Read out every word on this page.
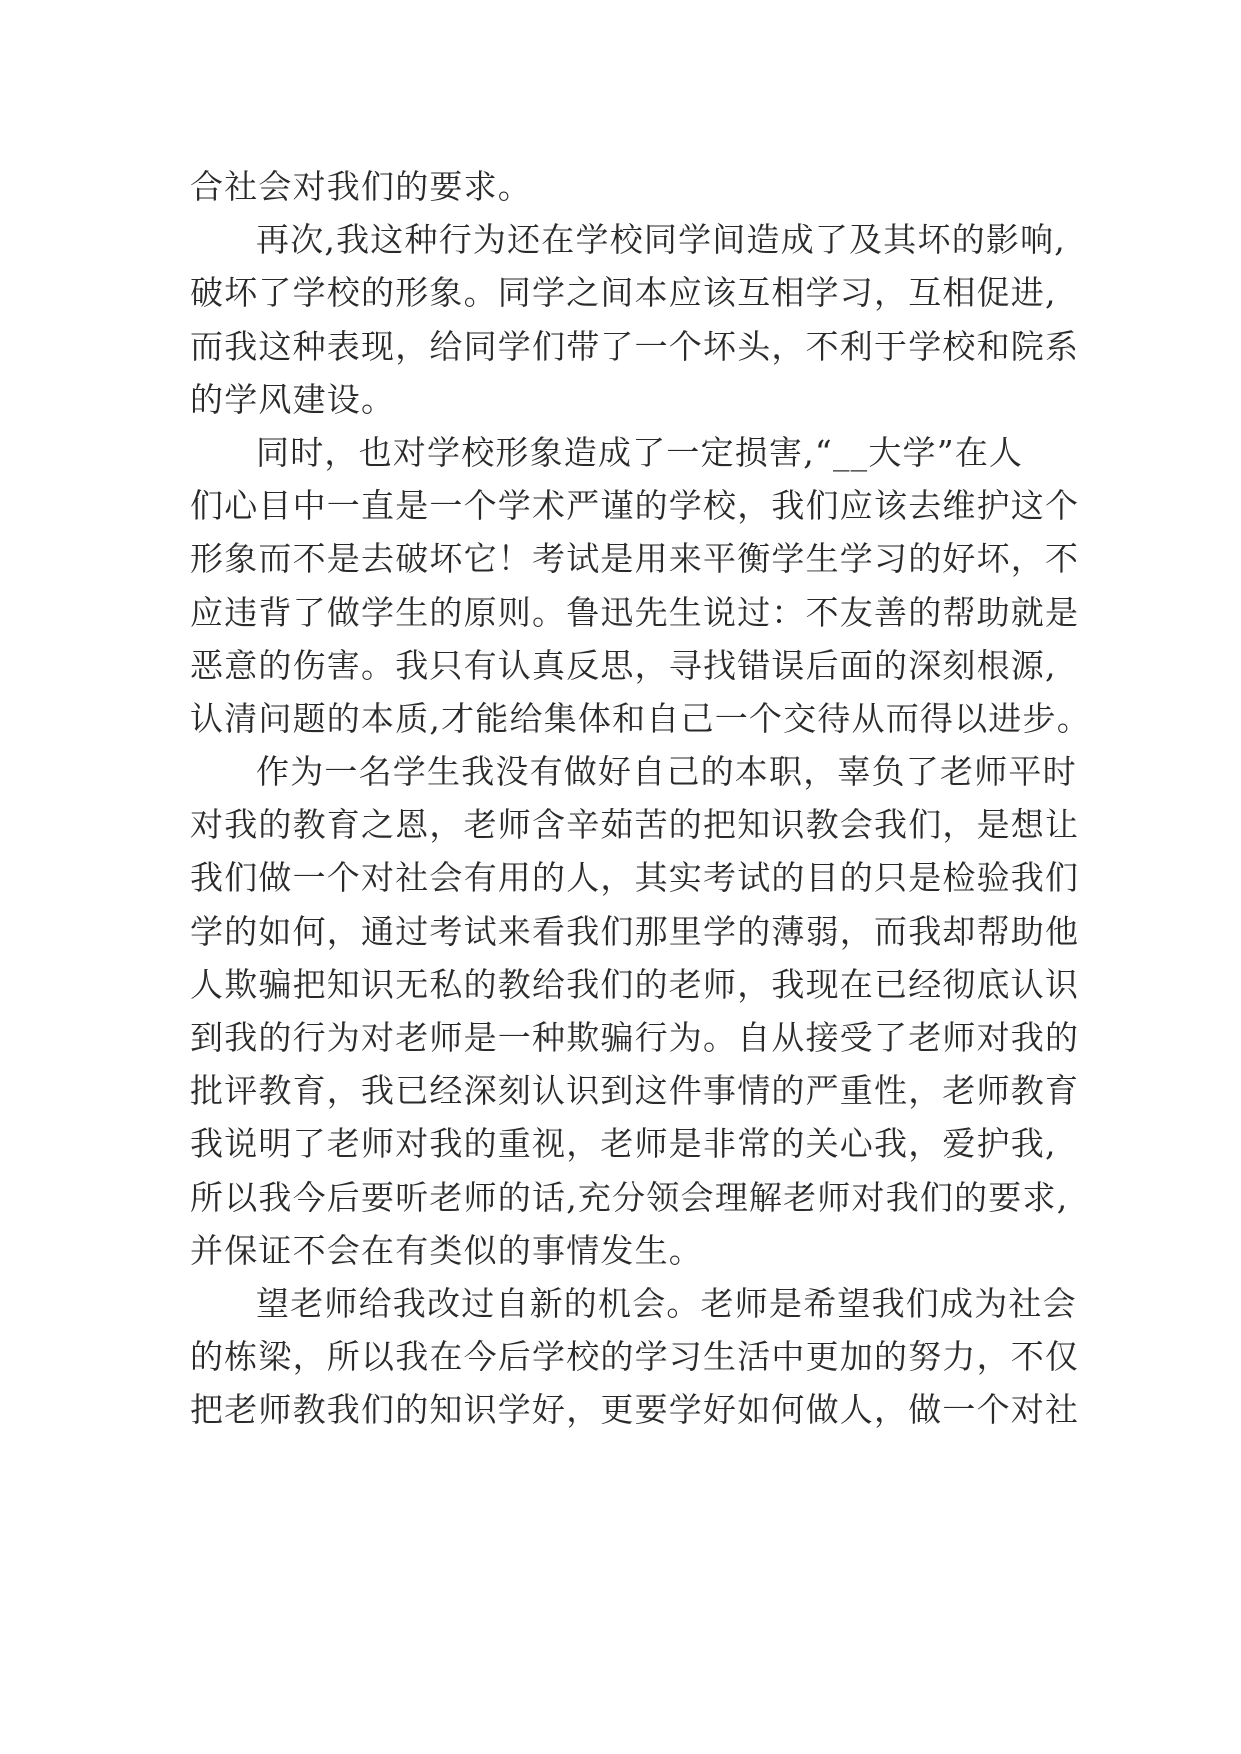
合社会对我们的要求。
再次,我这种行为还在学校同学间造成了及其坏的影响,
破坏了学校的形象。同学之间本应该互相学习，互相促进,
而我这种表现，给同学们带了一个坏头，不利于学校和院系
的学风建设。
同时，也对学校形象造成了一定损害,“__大学”在人
们心目中一直是一个学术严谨的学校，我们应该去维护这个
形象而不是去破坏它！考试是用来平衡学生学习的好坏，不
应违背了做学生的原则。鲁迅先生说过：不友善的帮助就是
恶意的伤害。我只有认真反思，寻找错误后面的深刻根源,
认清问题的本质,才能给集体和自己一个交待从而得以进步。
作为一名学生我没有做好自己的本职，辜负了老师平时
对我的教育之恩，老师含辛茹苦的把知识教会我们，是想让
我们做一个对社会有用的人，其实考试的目的只是检验我们
学的如何，通过考试来看我们那里学的薄弱，而我却帮助他
人欺骗把知识无私的教给我们的老师，我现在已经彻底认识
到我的行为对老师是一种欺骗行为。自从接受了老师对我的
批评教育，我已经深刻认识到这件事情的严重性，老师教育
我说明了老师对我的重视，老师是非常的关心我，爱护我,
所以我今后要听老师的话,充分领会理解老师对我们的要求,
并保证不会在有类似的事情发生。
望老师给我改过自新的机会。老师是希望我们成为社会
的栋梁，所以我在今后学校的学习生活中更加的努力，不仅
把老师教我们的知识学好，更要学好如何做人，做一个对社
